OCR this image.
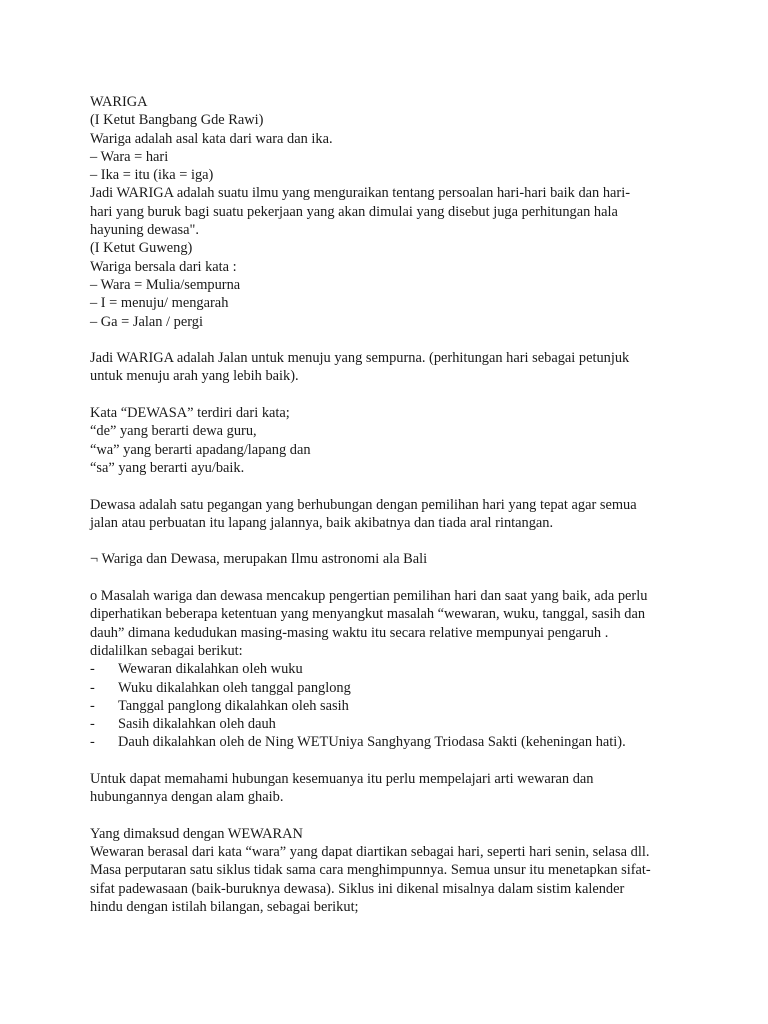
WARIGA
(I Ketut Bangbang Gde Rawi)
Wariga adalah asal kata dari wara dan ika.
– Wara = hari
– Ika = itu (ika = iga)
Jadi WARIGA adalah suatu ilmu yang menguraikan tentang persoalan hari-hari baik dan hari-
hari yang buruk bagi suatu pekerjaan yang akan dimulai yang disebut juga perhitungan hala
hayuning dewasa".
(I Ketut Guweng)
Wariga bersala dari kata :
– Wara = Mulia/sempurna
– I = menuju/ mengarah
– Ga = Jalan / pergi
Jadi WARIGA adalah Jalan untuk menuju yang sempurna. (perhitungan hari sebagai petunjuk
untuk menuju arah yang lebih baik).
Kata “DEWASA” terdiri dari kata;
“de” yang berarti dewa guru,
“wa” yang berarti apadang/lapang dan
“sa” yang berarti ayu/baik.
Dewasa adalah satu pegangan yang berhubungan dengan pemilihan hari yang tepat agar semua
jalan atau perbuatan itu lapang jalannya, baik akibatnya dan tiada aral rintangan.
¬ Wariga dan Dewasa, merupakan Ilmu astronomi ala Bali
o Masalah wariga dan dewasa mencakup pengertian pemilihan hari dan saat yang baik, ada perlu
diperhatikan beberapa ketentuan yang menyangkut masalah “wewaran, wuku, tanggal, sasih dan
dauh” dimana kedudukan masing-masing waktu itu secara relative mempunyai pengaruh .
didalilkan sebagai berikut:
- Wewaran dikalahkan oleh wuku
- Wuku dikalahkan oleh tanggal panglong
- Tanggal panglong dikalahkan oleh sasih
- Sasih dikalahkan oleh dauh
- Dauh dikalahkan oleh de Ning WETUniya Sanghyang Triodasa Sakti (keheningan hati).
Untuk dapat memahami hubungan kesemuanya itu perlu mempelajari arti wewaran dan
hubungannya dengan alam ghaib.
Yang dimaksud dengan WEWARAN
Wewaran berasal dari kata “wara” yang dapat diartikan sebagai hari, seperti hari senin, selasa dll.
Masa perputaran satu siklus tidak sama cara menghimpunnya. Semua unsur itu menetapkan sifat-
sifat padewasaan (baik-buruknya dewasa). Siklus ini dikenal misalnya dalam sistim kalender
hindu dengan istilah bilangan, sebagai berikut;
